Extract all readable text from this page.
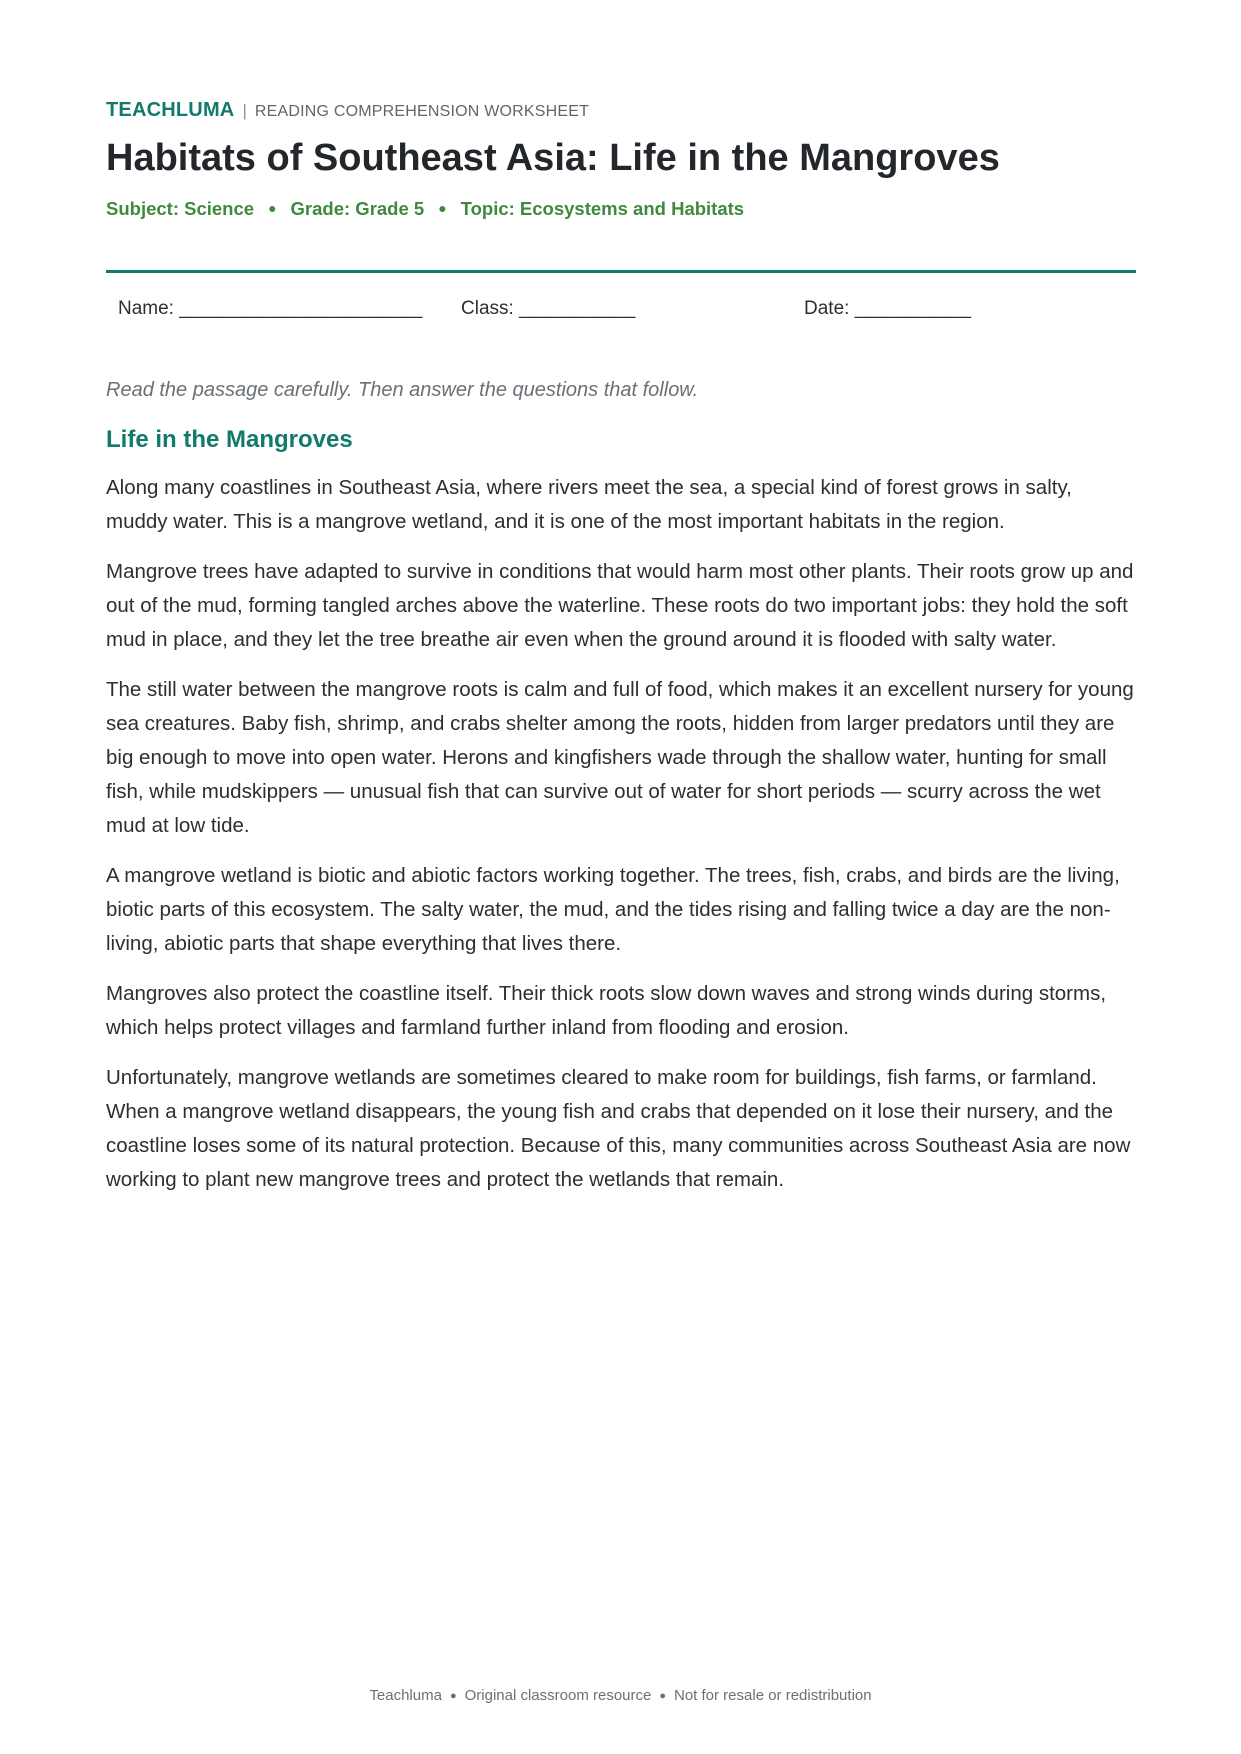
TEACHLUMA | READING COMPREHENSION WORKSHEET
Habitats of Southeast Asia: Life in the Mangroves
Subject: Science ● Grade: Grade 5 ● Topic: Ecosystems and Habitats
Name: _______________________ Class: ___________	Date: ___________
Read the passage carefully. Then answer the questions that follow.
Life in the Mangroves

Along many coastlines in Southeast Asia, where rivers meet the sea, a special kind of forest grows in salty, muddy water. This is a mangrove wetland, and it is one of the most important habitats in the region.

Mangrove trees have adapted to survive in conditions that would harm most other plants. Their roots grow up and out of the mud, forming tangled arches above the waterline. These roots do two important jobs: they hold the soft mud in place, and they let the tree breathe air even when the ground around it is flooded with salty water.

The still water between the mangrove roots is calm and full of food, which makes it an excellent nursery for young sea creatures. Baby fish, shrimp, and crabs shelter among the roots, hidden from larger predators until they are big enough to move into open water. Herons and kingfishers wade through the shallow water, hunting for small fish, while mudskippers — unusual fish that can survive out of water for short periods — scurry across the wet mud at low tide.

A mangrove wetland is biotic and abiotic factors working together. The trees, fish, crabs, and birds are the living, biotic parts of this ecosystem. The salty water, the mud, and the tides rising and falling twice a day are the non-living, abiotic parts that shape everything that lives there.

Mangroves also protect the coastline itself. Their thick roots slow down waves and strong winds during storms, which helps protect villages and farmland further inland from flooding and erosion.

Unfortunately, mangrove wetlands are sometimes cleared to make room for buildings, fish farms, or farmland. When a mangrove wetland disappears, the young fish and crabs that depended on it lose their nursery, and the coastline loses some of its natural protection. Because of this, many communities across Southeast Asia are now working to plant new mangrove trees and protect the wetlands that remain.

Teachluma ● Original classroom resource ● Not for resale or redistribution
